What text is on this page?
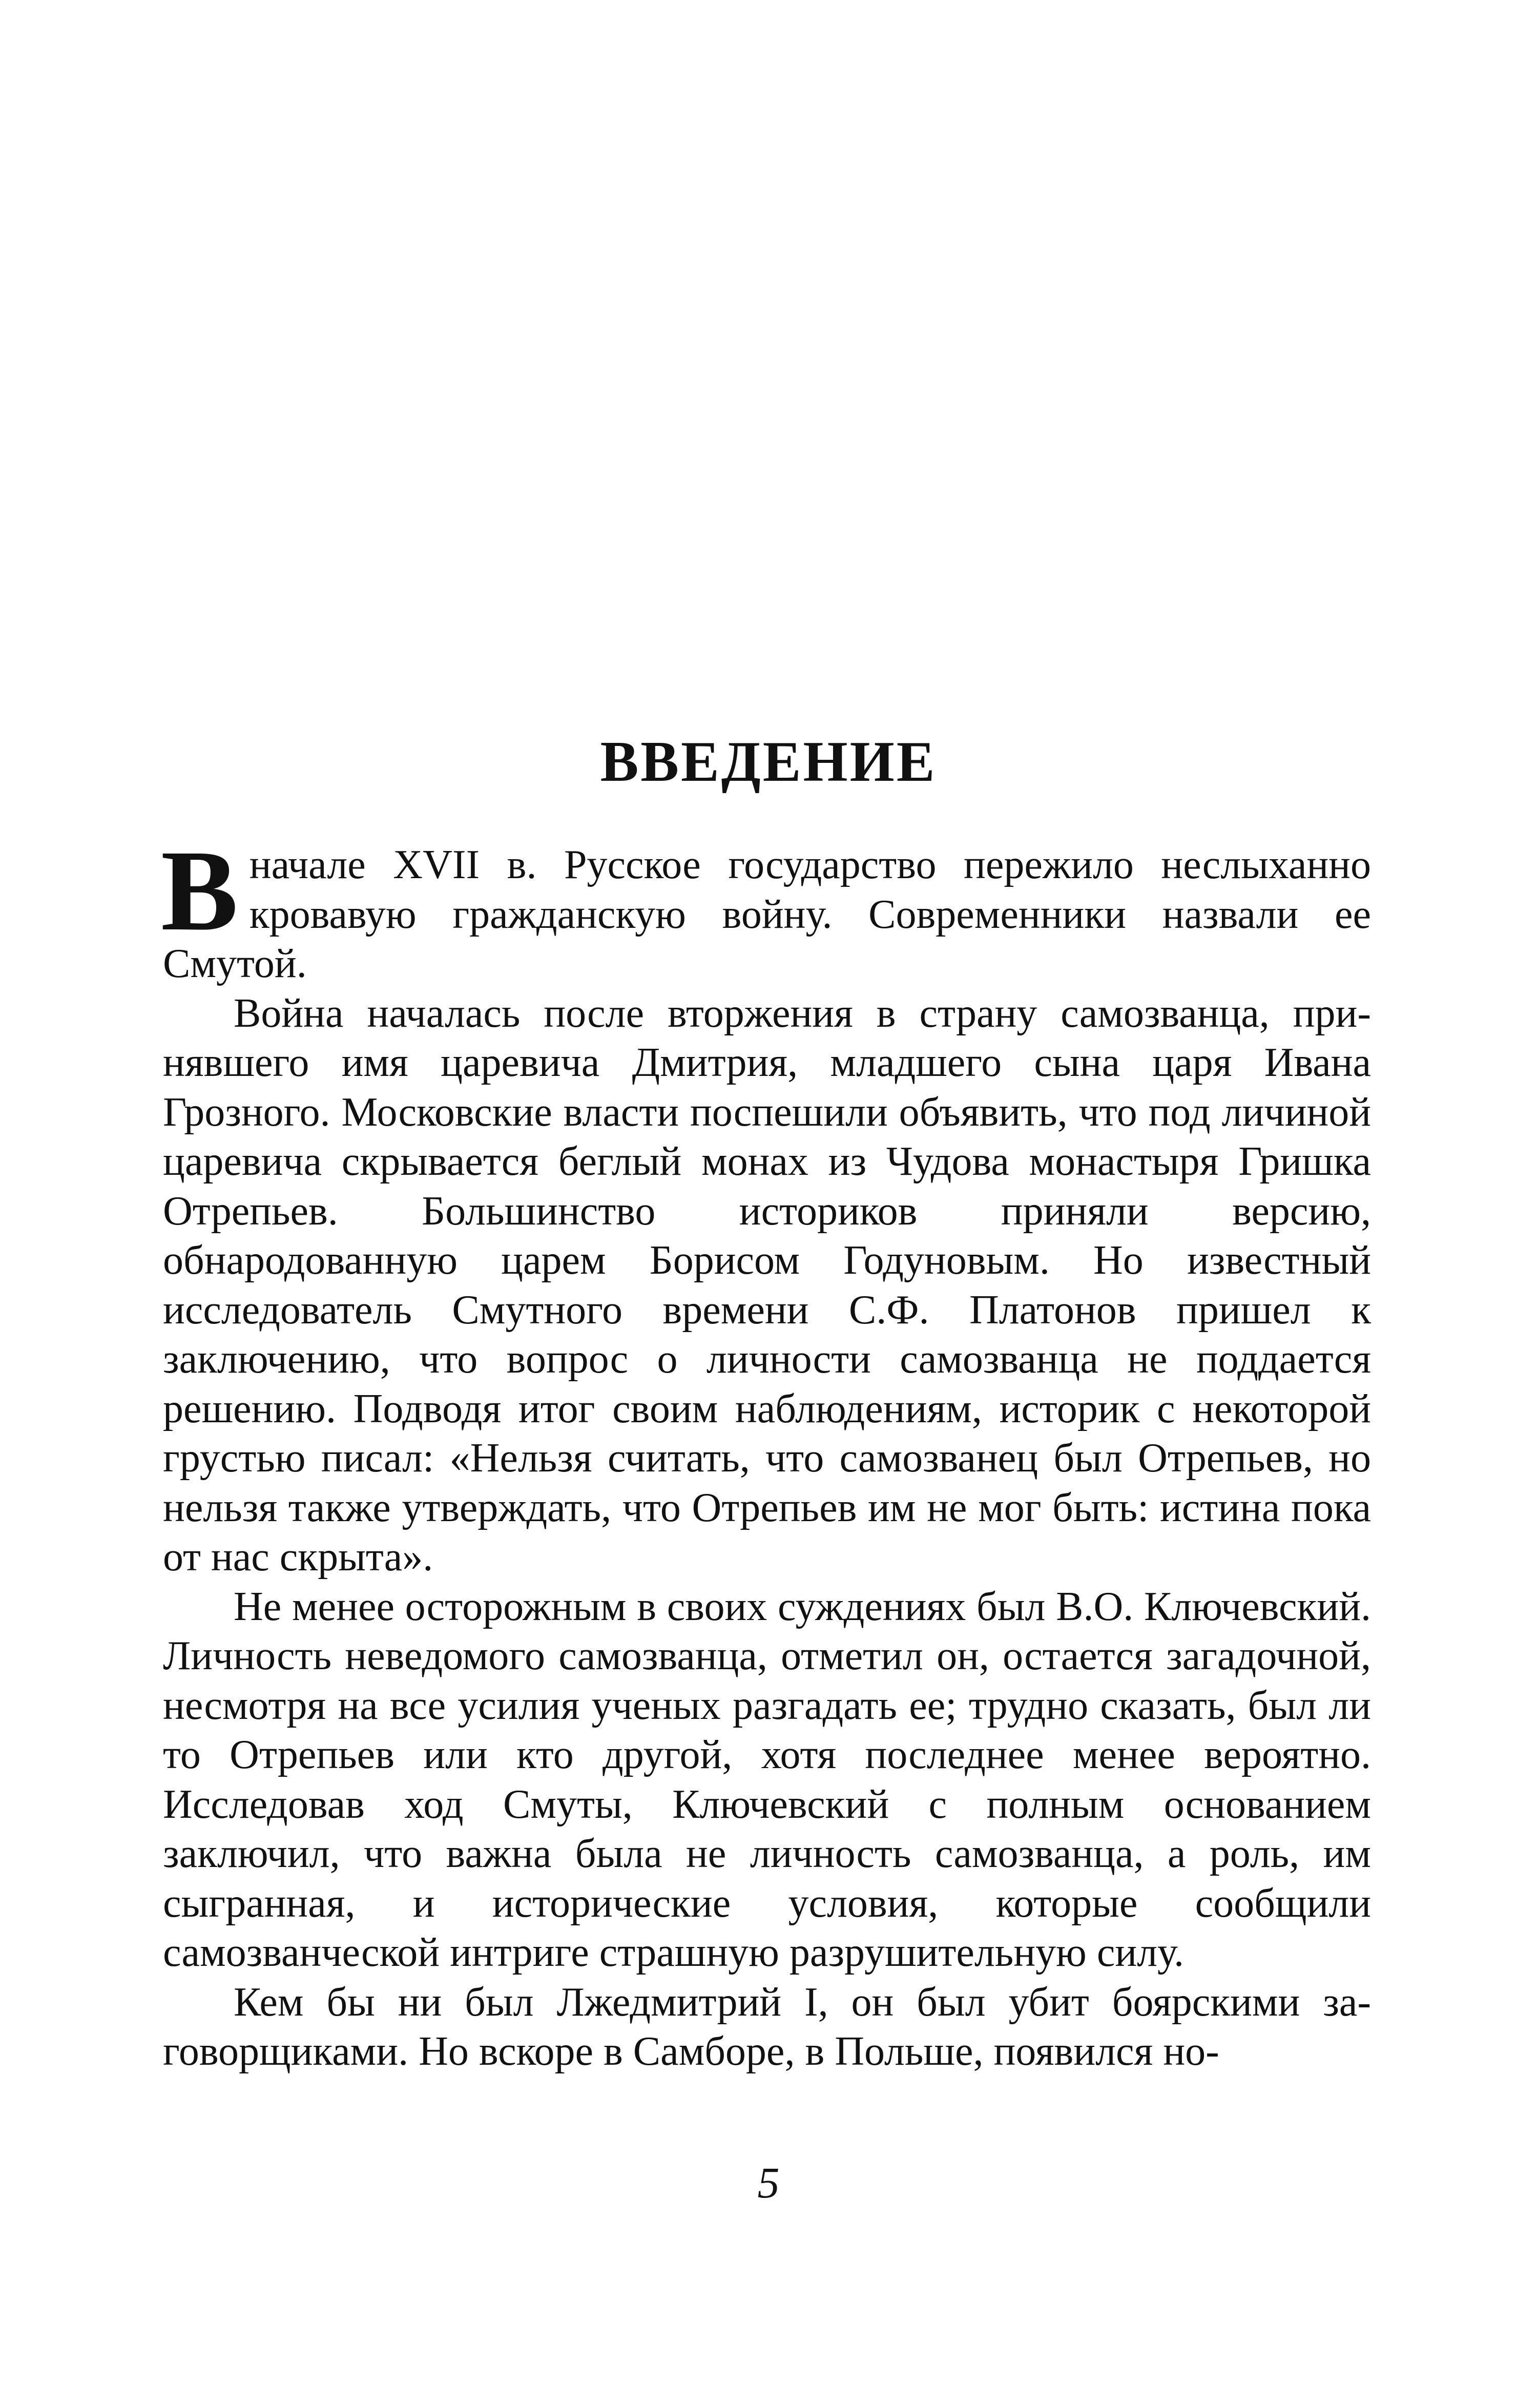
ВВЕДЕНИЕ

В начале XVII в. Русское государство пережило неслыханно кровавую гражданскую войну. Современники назвали ее Смутой.

Война началась после вторжения в страну самозванца, принявшего имя царевича Дмитрия, младшего сына царя Ивана Грозного. Московские власти поспешили объявить, что под личиной царевича скрывается беглый монах из Чудова монастыря Гришка Отрепьев. Большинство историков приняли версию, обнародованную царем Борисом Годуновым. Но известный исследователь Смутного времени С.Ф. Платонов пришел к заключению, что вопрос о личности самозванца не поддается решению. Подводя итог своим наблюдениям, историк с некоторой грустью писал: «Нельзя считать, что самозванец был Отрепьев, но нельзя также утверждать, что Отрепьев им не мог быть: истина пока от нас скрыта».

Не менее осторожным в своих суждениях был В.О. Ключевский. Личность неведомого самозванца, отметил он, остается загадочной, несмотря на все усилия ученых разгадать ее; трудно сказать, был ли то Отрепьев или кто другой, хотя последнее менее вероятно. Исследовав ход Смуты, Ключевский с полным основанием заключил, что важна была не личность самозванца, а роль, им сыгранная, и исторические условия, которые сообщили самозванческой интриге страшную разрушительную силу.

Кем бы ни был Лжедмитрий I, он был убит боярскими заговорщиками. Но вскоре в Самборе, в Польше, появился но-

5
